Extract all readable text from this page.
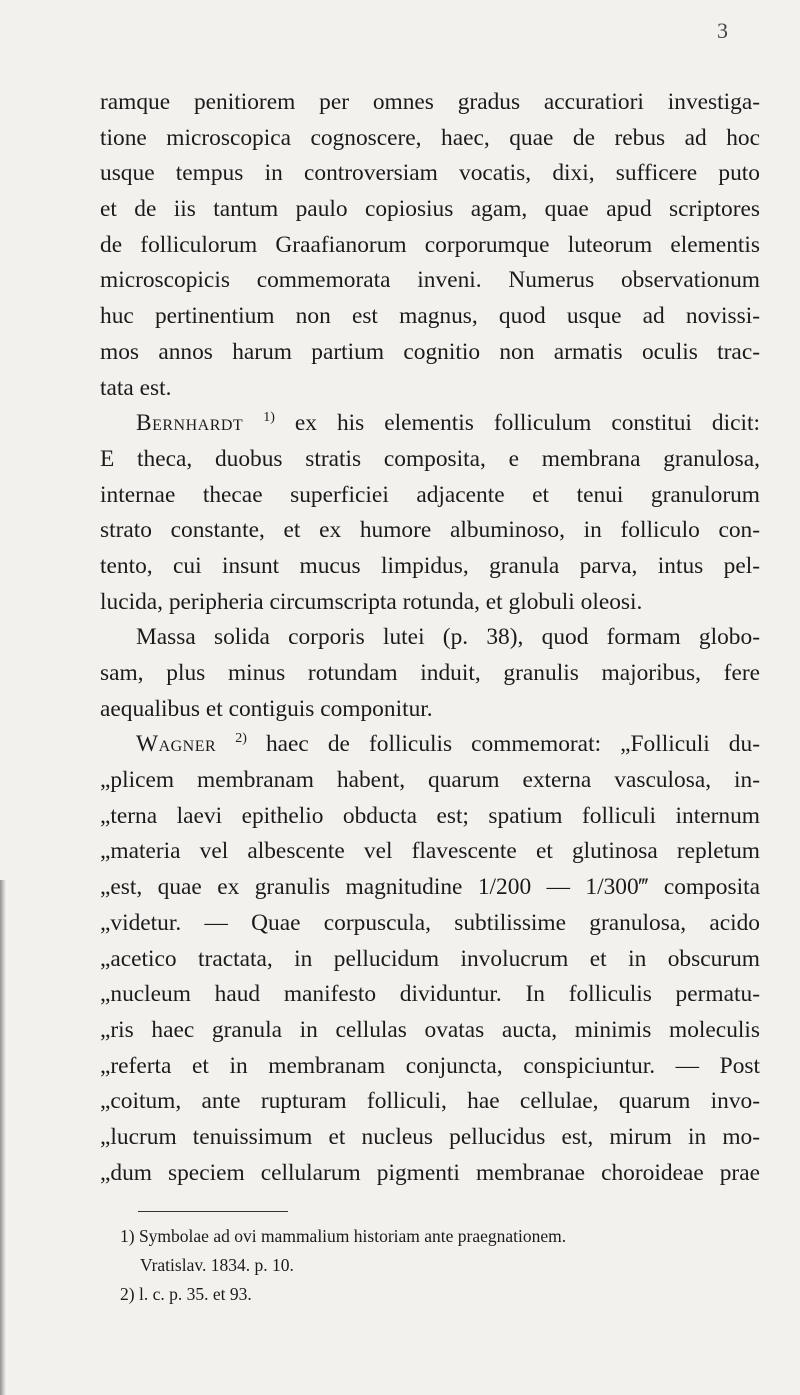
3
ramque penitiorem per omnes gradus accuratiori investiga-
tione microscopica cognoscere, haec, quae de rebus ad hoc
usque tempus in controversiam vocatis, dixi, sufficere puto
et de iis tantum paulo copiosius agam, quae apud scriptores
de folliculorum Graafianorum corporumque luteorum elementis
microscopicis commemorata inveni. Numerus observationum
huc pertinentium non est magnus, quod usque ad novissi-
mos annos harum partium cognitio non armatis oculis trac-
tata est.
Bernhardt $^{1)}$ ex his elementis folliculum constitui dicit:
E theca, duobus stratis composita, e membrana granulosa,
internae thecae superficiei adjacente et tenui granulorum
strato constante, et ex humore albuminoso, in folliculo con-
tento, cui insunt mucus limpidus, granula parva, intus pel-
lucida, peripheria circumscripta rotunda, et globuli oleosi.
Massa solida corporis lutei (p. 38), quod formam globo-
sam, plus minus rotundam induit, granulis majoribus, fere
aequalibus et contiguis componitur.
Wagner $^{2)}$ haec de folliculis commemorat: „Folliculi du-
„plicem membranam habent, quarum externa vasculosa, in-
„terna laevi epithelio obducta est; spatium folliculi internum
„materia vel albescente vel flavescente et glutinosa repletum
„est, quae ex granulis magnitudine 1/200 — 1/300‴ composita
„videtur. — Quae corpuscula, subtilissime granulosa, acido
„acetico tractata, in pellucidum involucrum et in obscurum
„nucleum haud manifesto dividuntur. In folliculis permatu-
„ris haec granula in cellulas ovatas aucta, minimis moleculis
„referta et in membranam conjuncta, conspiciuntur. — Post
„coitum, ante rupturam folliculi, hae cellulae, quarum invo-
„lucrum tenuissimum et nucleus pellucidus est, mirum in mo-
„dum speciem cellularum pigmenti membranae choroideae prae
1) Symbolae ad ovi mammalium historiam ante praegnationem.
Vratislav. 1834. p. 10.
2) l. c. p. 35. et 93.
